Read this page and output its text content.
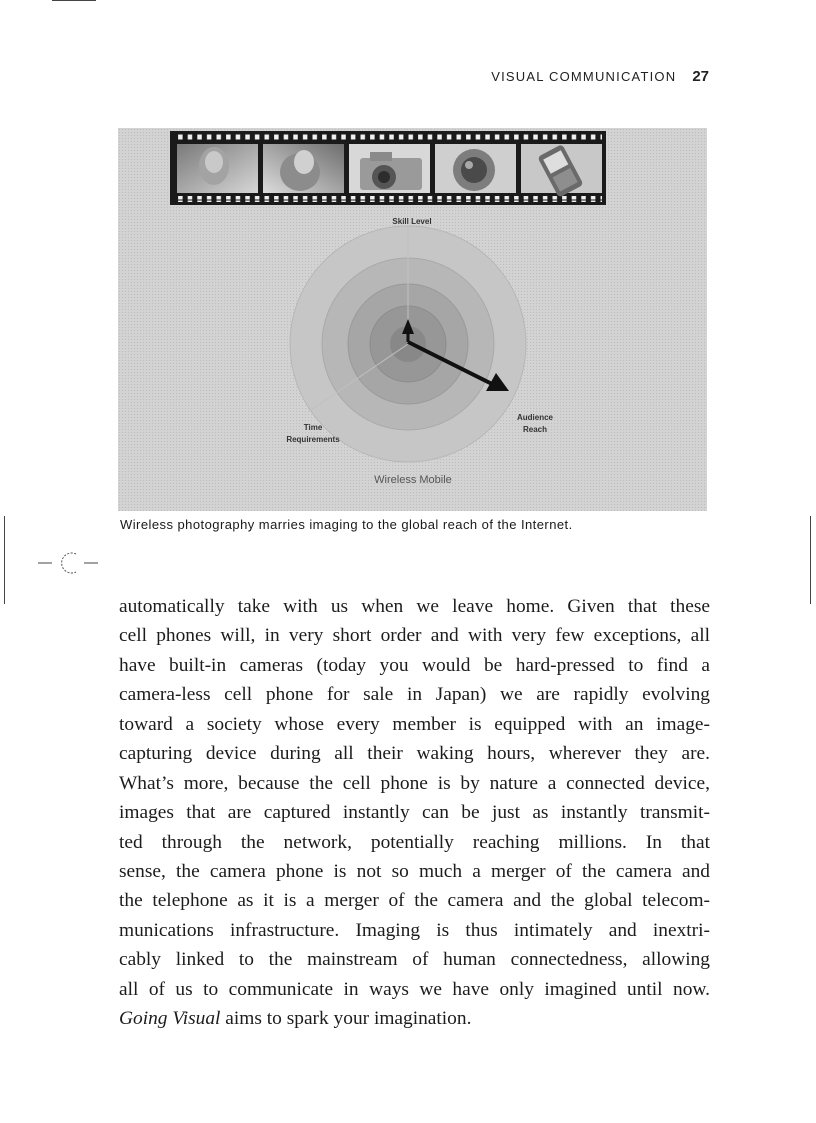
VISUAL COMMUNICATION 27
Skill Level
Audience
Reach
Time
Requirements
Wireless Mobile
Wireless photography marries imaging to the global reach of the Internet.
automatically take with us when we leave home. Given that these
cell phones will, in very short order and with very few exceptions, all
have built-in cameras (today you would be hard-pressed to find a
camera-less cell phone for sale in Japan) we are rapidly evolving
toward a society whose every member is equipped with an image-
capturing device during all their waking hours, wherever they are.
What’s more, because the cell phone is by nature a connected device,
images that are captured instantly can be just as instantly transmit-
ted through the network, potentially reaching millions. In that
sense, the camera phone is not so much a merger of the camera and
the telephone as it is a merger of the camera and the global telecom-
munications infrastructure. Imaging is thus intimately and inextri-
cably linked to the mainstream of human connectedness, allowing
all of us to communicate in ways we have only imagined until now.
Going Visual aims to spark your imagination.
